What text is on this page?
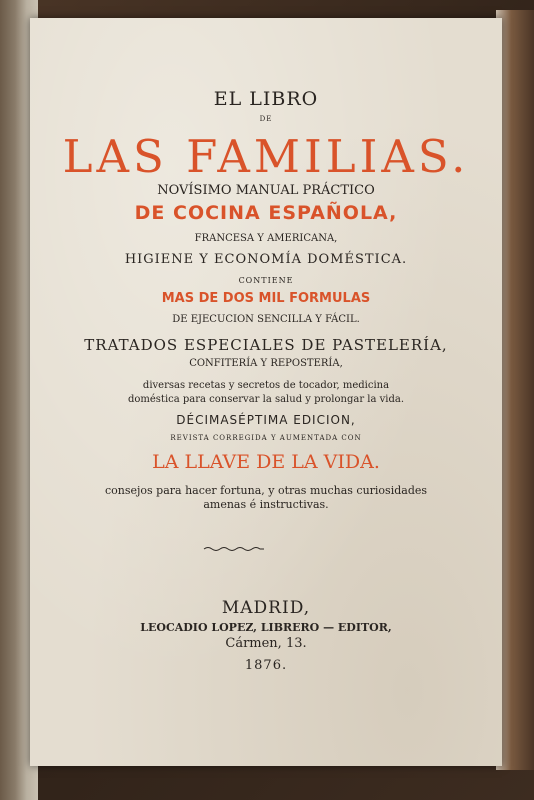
EL LIBRO
DE
LAS FAMILIAS.
NOVÍSIMO MANUAL PRÁCTICO
DE COCINA ESPAÑOLA,
FRANCESA Y AMERICANA,
HIGIENE Y ECONOMÍA DOMÉSTICA.
CONTIENE
MAS DE DOS MIL FORMULAS
DE EJECUCION SENCILLA Y FÁCIL.
TRATADOS ESPECIALES DE PASTELERÍA,
CONFITERÍA Y REPOSTERÍA,
diversas recetas y secretos de tocador, medicina
doméstica para conservar la salud y prolongar la vida.
DÉCIMASÉPTIMA EDICION,
REVISTA CORREGIDA Y AUMENTADA CON
LA LLAVE DE LA VIDA.
consejos para hacer fortuna, y otras muchas curiosidades
amenas é instructivas.
MADRID,
LEOCADIO LOPEZ, LIBRERO — EDITOR,
Cármen, 13.
1876.
